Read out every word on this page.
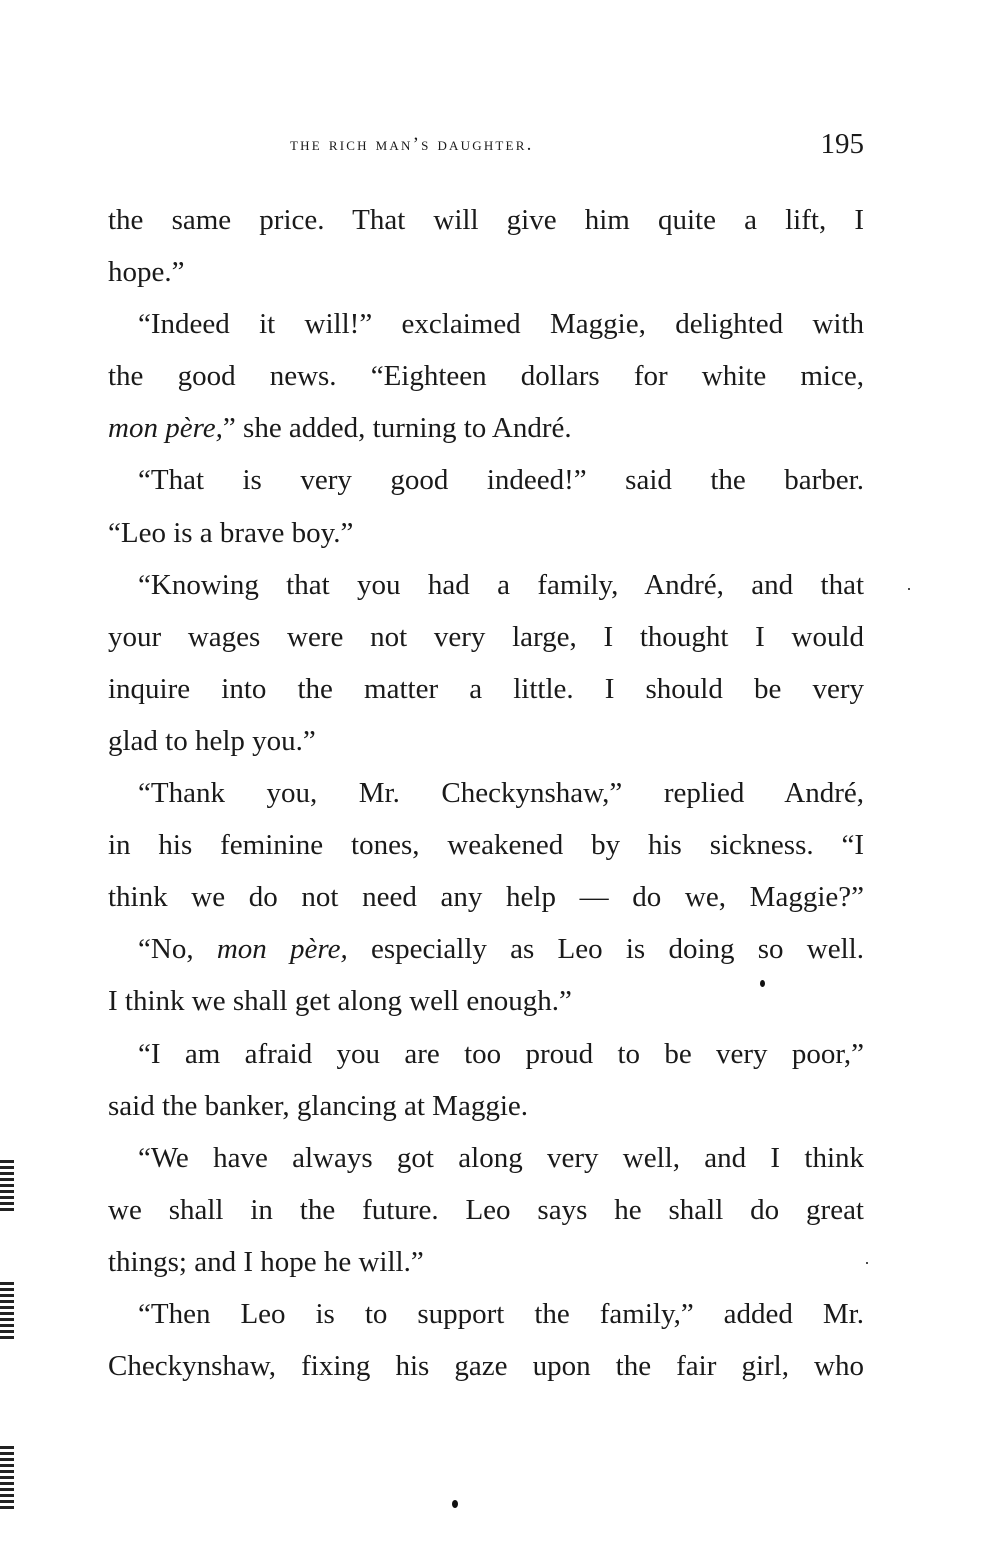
the rich man’s daughter.	195
the same price. That will give him quite a lift, I
hope.”
“Indeed it will!” exclaimed Maggie, delighted with
the good news. “Eighteen dollars for white mice,
mon père,” she added, turning to André.
“That is very good indeed!” said the barber.
“Leo is a brave boy.”
“Knowing that you had a family, André, and that
your wages were not very large, I thought I would
inquire into the matter a little. I should be very
glad to help you.”
“Thank you, Mr. Checkynshaw,” replied André,
in his feminine tones, weakened by his sickness. “I
think we do not need any help — do we, Maggie?”
“No, mon père, especially as Leo is doing so well.
I think we shall get along well enough.”
“I am afraid you are too proud to be very poor,”
said the banker, glancing at Maggie.
“We have always got along very well, and I think
we shall in the future. Leo says he shall do great
things; and I hope he will.”
“Then Leo is to support the family,” added Mr.
Checkynshaw, fixing his gaze upon the fair girl, who
